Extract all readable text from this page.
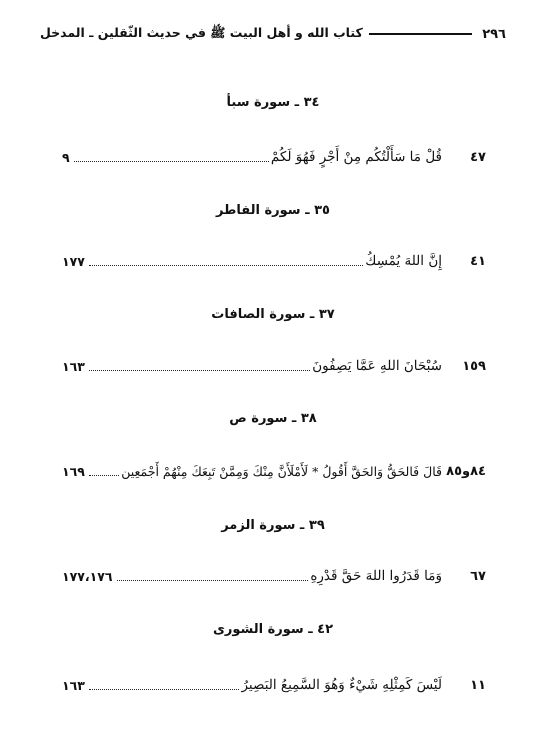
٢٩٦
كتاب الله و أهل البيت ﷺ في حديث الثّقلين ـ المدخل
٣٤ ـ سورة سبأ
٤٧
قُلْ مَا سَأَلْتُكُم مِنْ أَجْرٍ فَهُوَ لَكُمْ
٩
٣٥ ـ سورة الفاطر
٤١
إِنَّ اللهَ يُمْسِكُ
١٧٧
٣٧ ـ سورة الصافات
١٥٩
سُبْحَانَ اللهِ عَمَّا يَصِفُونَ
١٦٣
٣٨ ـ سورة ص
٨٤و٨٥
قَالَ فَالحَقُّ وَالحَقَّ أَقُولُ * لَأَمْلَأَنَّ مِنْكَ وَمِمَّنْ تَبِعَكَ مِنْهُمْ أَجْمَعِين
١٦٩
٣٩ ـ سورة الزمر
٦٧
وَمَا قَدَرُوا اللهَ حَقَّ قَدْرِهِ
١٧٧،١٧٦
٤٢ ـ سورة الشورى
١١
لَيْسَ كَمِثْلِهِ شَيْءٌ وَهُوَ السَّمِيعُ البَصِيرُ
١٦٣
